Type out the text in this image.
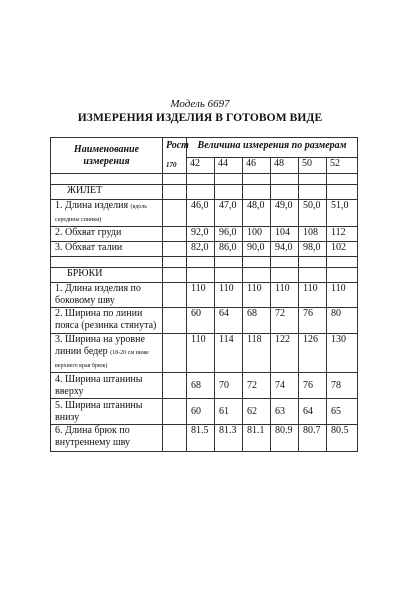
Модель 6697
ИЗМЕРЕНИЯ ИЗДЕЛИЯ В ГОТОВОМ ВИДЕ
Наименование измерения	Рост
170	Величина измерения по размерам					
		42	44	46	48	50	52

ЖИЛЕТ							
1. Длина изделия (вдоль середины спинки)		46,0	47,0	48,0	49,0	50,0	51,0
2. Обхват груди		92,0	96,0	100	104	108	112
3. Обхват талии		82,0	86,0	90,0	94,0	98,0	102

БРЮКИ							
1. Длина изделия по боковому шву		110	110	110	110	110	110
2. Ширина по линии пояса (резинка стянута)		60	64	68	72	76	80
3. Ширина на уровне линии бедер (18-20 см ниже верхнего края брюк)		110	114	118	122	126	130
4. Ширина штанины вверху		68	70	72	74	76	78
5. Ширина штанины внизу		60	61	62	63	64	65
6. Длина брюк по внутреннему шву		81.5	81.3	81.1	80.9	80.7	80.5
